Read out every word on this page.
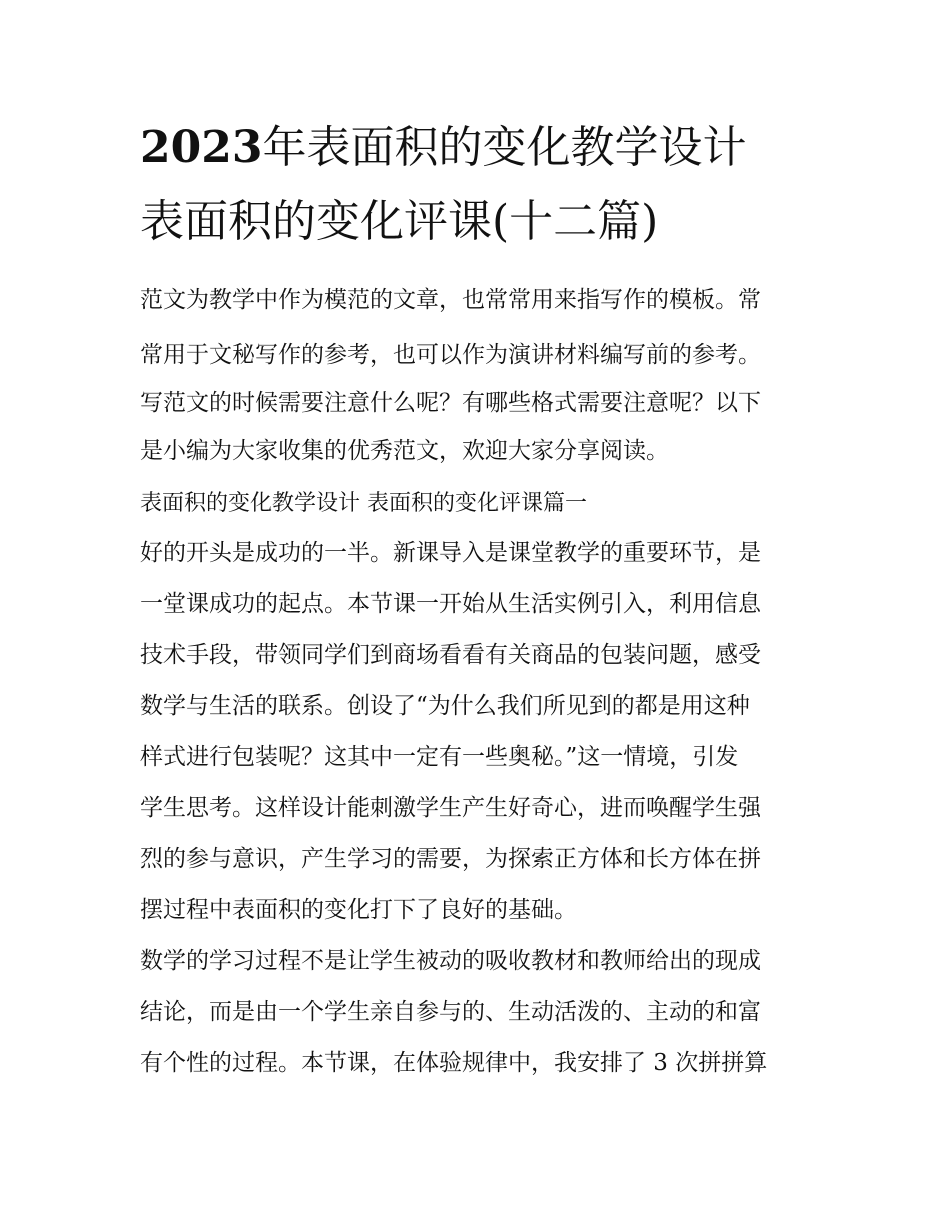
2023年表面积的变化教学设计
表面积的变化评课(十二篇)
范文为教学中作为模范的文章，也常常用来指写作的模板。常
常用于文秘写作的参考，也可以作为演讲材料编写前的参考。
写范文的时候需要注意什么呢？有哪些格式需要注意呢？以下
是小编为大家收集的优秀范文，欢迎大家分享阅读。
表面积的变化教学设计 表面积的变化评课篇一
好的开头是成功的一半。新课导入是课堂教学的重要环节，是
一堂课成功的起点。本节课一开始从生活实例引入，利用信息
技术手段，带领同学们到商场看看有关商品的包装问题，感受
数学与生活的联系。创设了“为什么我们所见到的都是用这种
样式进行包装呢？这其中一定有一些奥秘。”这一情境，引发
学生思考。这样设计能刺激学生产生好奇心，进而唤醒学生强
烈的参与意识，产生学习的需要，为探索正方体和长方体在拼
摆过程中表面积的变化打下了良好的基础。
数学的学习过程不是让学生被动的吸收教材和教师给出的现成
结论，而是由一个学生亲自参与的、生动活泼的、主动的和富
有个性的过程。本节课，在体验规律中，我安排了 3 次拼拼算
